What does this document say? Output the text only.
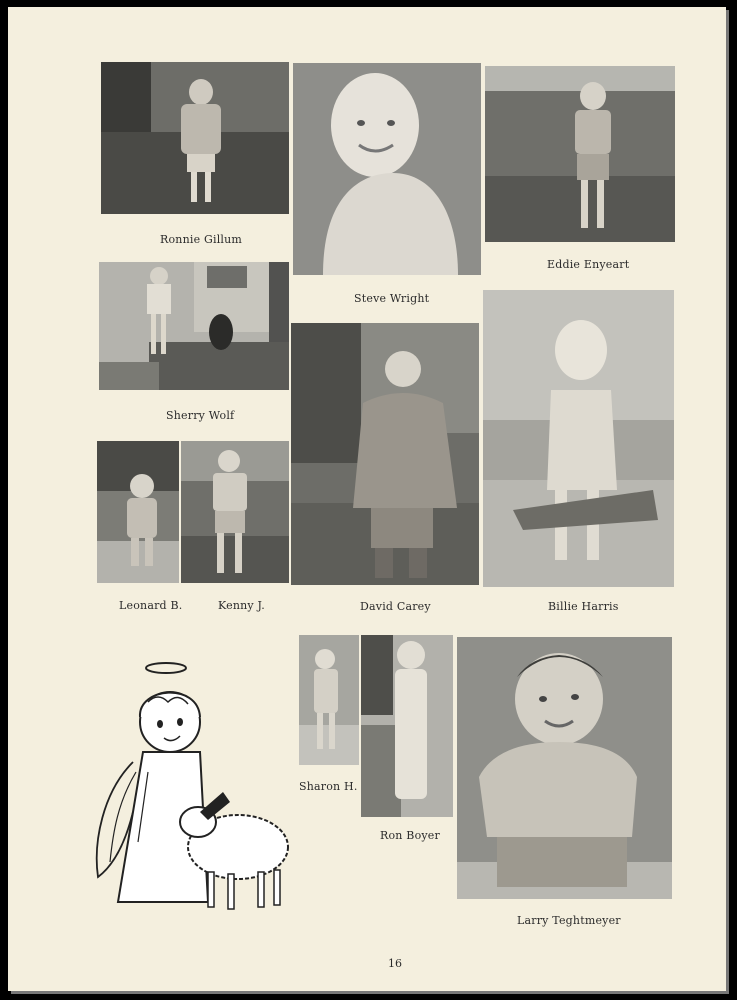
Ronnie Gillum
Steve Wright
Eddie Enyeart
Sherry Wolf
David Carey	Billie Harris
Leonard B.	Kenny J.
Sharon H.
Ron Boyer
Larry Teghtmeyer
16
